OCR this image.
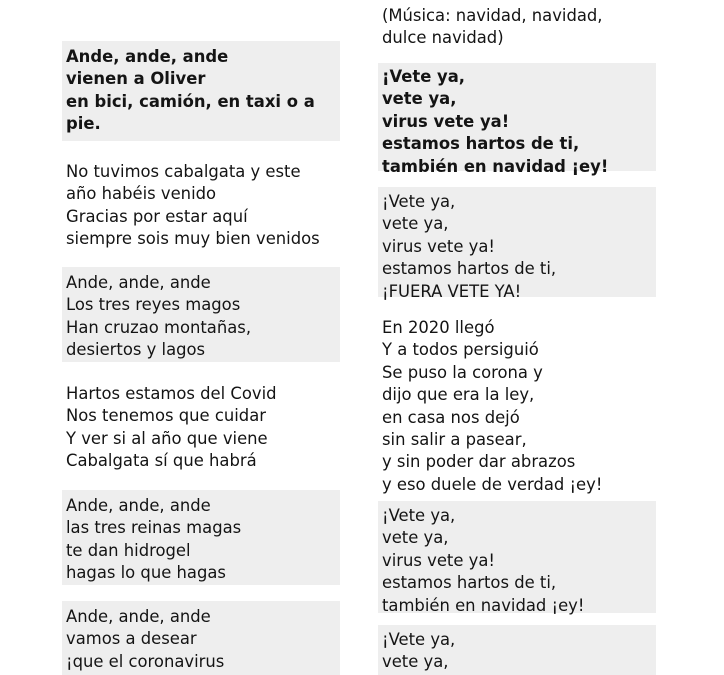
Ande, ande, ande
vienen a Oliver
en bici, camión, en taxi o a
pie.
No tuvimos cabalgata y este
año habéis venido
Gracias por estar aquí
siempre sois muy bien venidos
Ande, ande, ande
Los tres reyes magos
Han cruzao montañas,
desiertos y lagos
Hartos estamos del Covid
Nos tenemos que cuidar
Y ver si al año que viene
Cabalgata sí que habrá
Ande, ande, ande
las tres reinas magas
te dan hidrogel
hagas lo que hagas
Ande, ande, ande
vamos a desear
¡que el coronavirus
(Música: navidad, navidad,
dulce navidad)
¡Vete ya,
vete ya,
virus vete ya!
estamos hartos de ti,
también en navidad ¡ey!
¡Vete ya,
vete ya,
virus vete ya!
estamos hartos de ti,
¡FUERA VETE YA!
En 2020 llegó
Y a todos persiguió
Se puso la corona y
dijo que era la ley,
en casa nos dejó
sin salir a pasear,
y sin poder dar abrazos
y eso duele de verdad ¡ey!
¡Vete ya,
vete ya,
virus vete ya!
estamos hartos de ti,
también en navidad ¡ey!
¡Vete ya,
vete ya,
